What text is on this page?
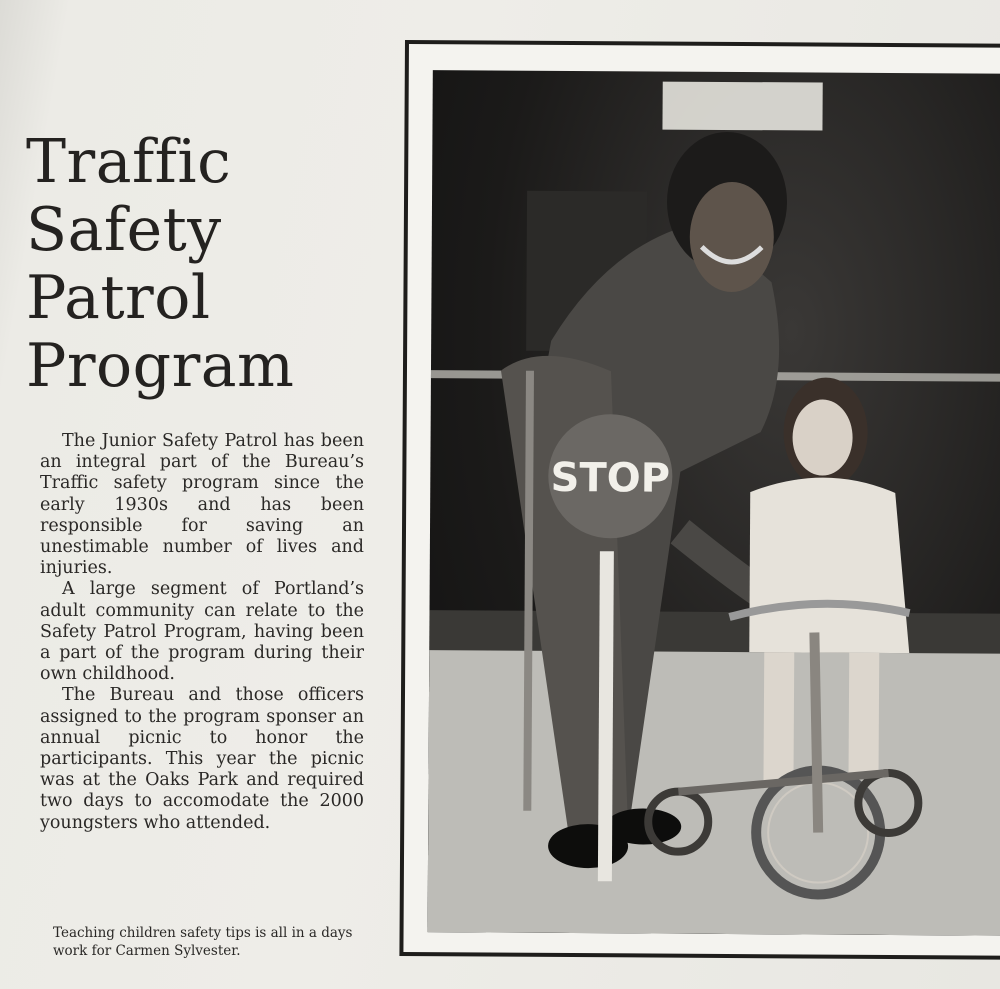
Traffic
Safety
Patrol
Program

The Junior Safety Patrol has been an integral part of the Bureau’s Traffic safety program since the early 1930s and has been responsible for saving an unestimable number of lives and injuries.

A large segment of Portland’s adult community can relate to the Safety Patrol Program, having been a part of the program during their own childhood.

The Bureau and those officers assigned to the program sponser an annual picnic to honor the participants. This year the picnic was at the Oaks Park and required two days to accomodate the 2000 youngsters who attended.

Teaching children safety tips is all in a days work for Carmen Sylvester.
STOP
